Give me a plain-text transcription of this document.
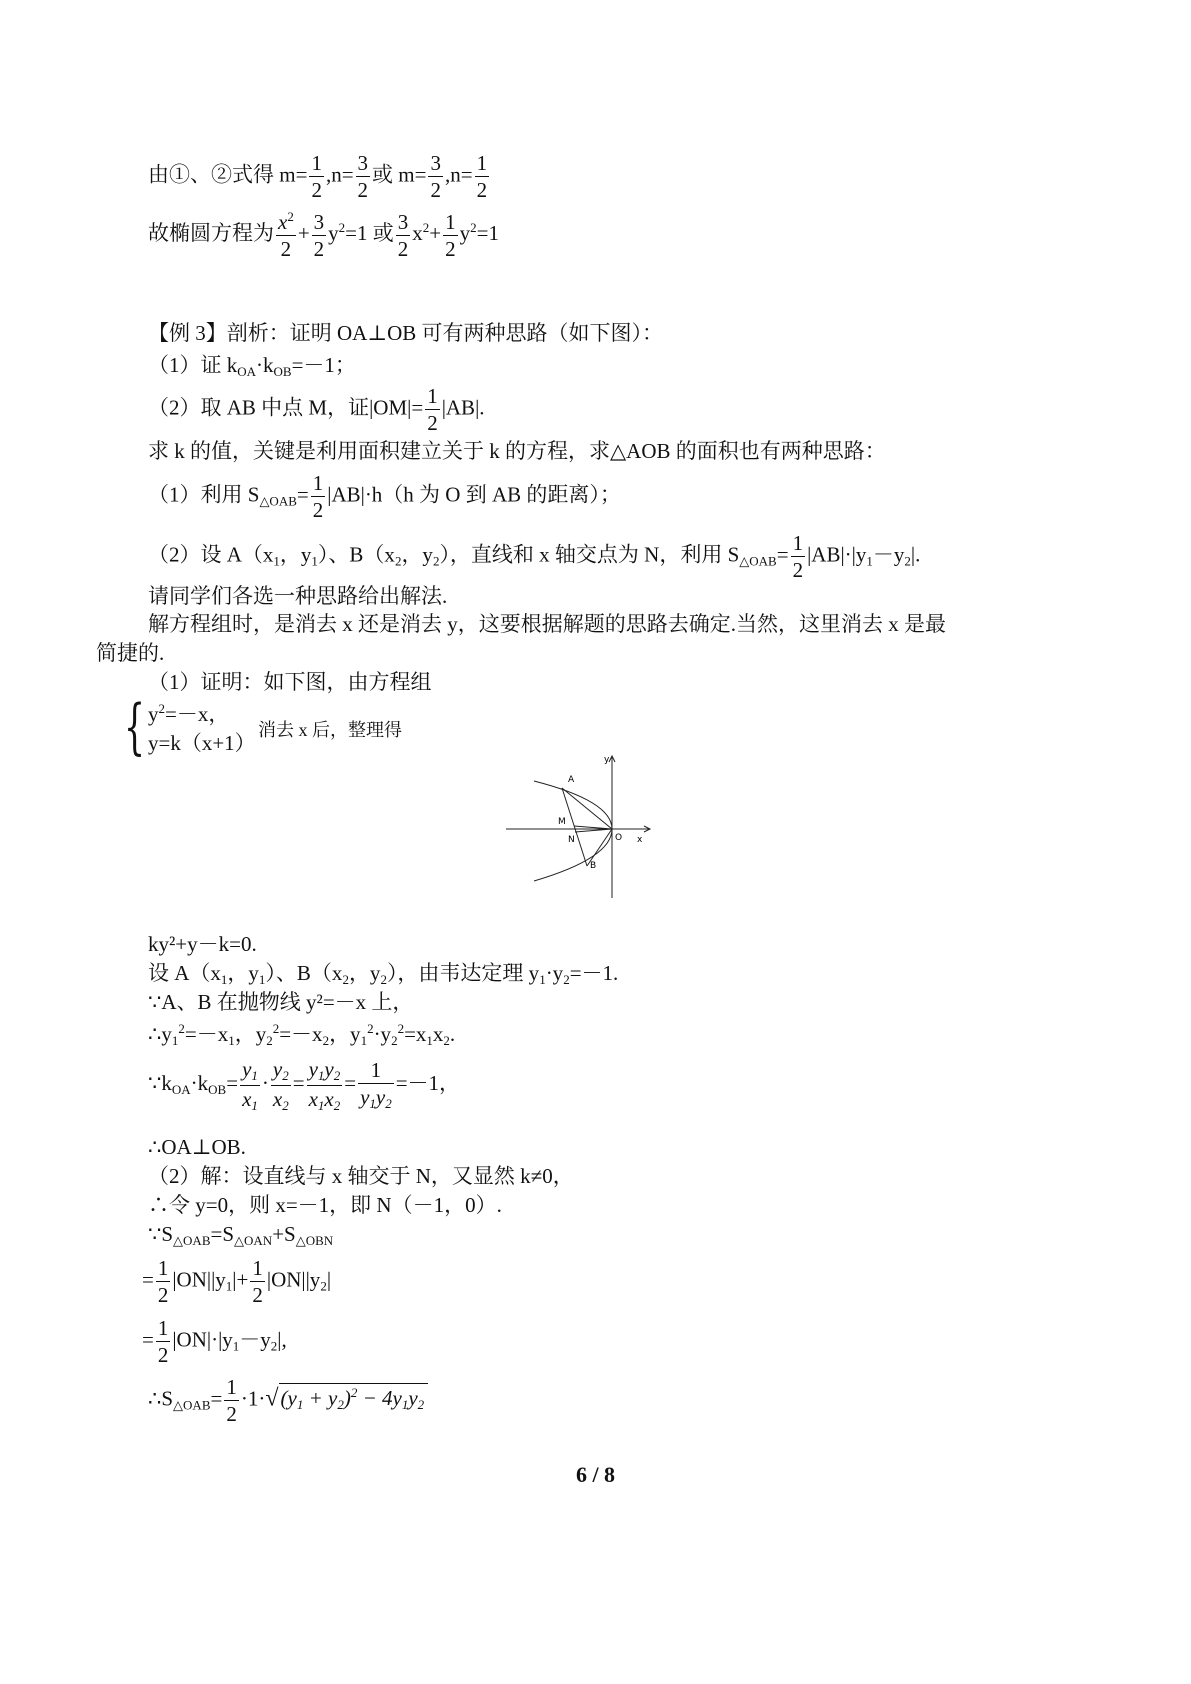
由①、②式得 $m= \frac{1}{2} ,n= \frac{3}{2}$ 或 $m= \frac{3}{2} ,n= \frac{1}{2}$
故椭圆方程为 $\frac{x^2}{2} + \frac{3}{2} y^2=1$ 或 $\frac{3}{2} x^2+ \frac{1}{2} y^2=1$
【例 3】剖析：证明 OA⊥OB 可有两种思路（如下图）：
（1）证 $k_{OA}\cdot k_{OB}=-1$；
（2）取 AB 中点 M，证$|OM|= \frac{1}{2} |AB|$.
求 k 的值，关键是利用面积建立关于 k 的方程，求△AOB 的面积也有两种思路：
（1）利用 $S_{\triangle OAB}= \frac{1}{2} |AB|\cdot h(h$ 为 O 到 AB 的距离）；
（2）设 $A(x_1$，$y_1$）、$B(x_2$，$y_2$），直线和 x 轴交点为 N，利用 $S_{\triangle OAB}= \frac{1}{2} |AB|\cdot|y_1-y_2|$.
请同学们各选一种思路给出解法.
解方程组时，是消去 x 还是消去 y，这要根据解题的思路去确定.当然，这里消去 x 是最
简捷的.
（1）证明：如下图，由方程组
{ $y^2=-x$，
y=k（x+1）
消去 x 后，整理得
A
M
N
B
O x
y
ky²+y－k=0.
设 $A(x_1$，$y_1$）、$B(x_2$，$y_2$），由韦达定理 $y_1\cdot y_2=-1$.
∵A、B 在抛物线 y²=－x 上，
$\therefore y_1^2=-x_1$，$y_2^2=-x_2$，$y_1^2\cdot y_2^2=x_1x_2$.
$\because k_{OA}\cdot k_{OB}= \frac{y_1}{x_1} \cdot \frac{y_2}{x_2} = \frac{y_1y_2}{x_1x_2} = \frac{1}{y_1y_2} =-1$，
∴OA⊥OB.
（2）解：设直线与 x 轴交于 N，又显然 k≠0，
∴令 y=0，则 x=－1，即 N（－1，0）.
$\because S_{\triangle OAB}=S_{\triangle OAN}+S_{\triangle OBN}$
= $\frac{1}{2} |ON||y_1|+ \frac{1}{2} |ON||y_2|$
= $\frac{1}{2} |ON|\cdot|y_1-y_2|$,
$\therefore S_{\triangle OAB}= \frac{1}{2} \cdot 1\cdot√(y_1 + y_2)^2 - 4y_1y_2$
6 / 8
